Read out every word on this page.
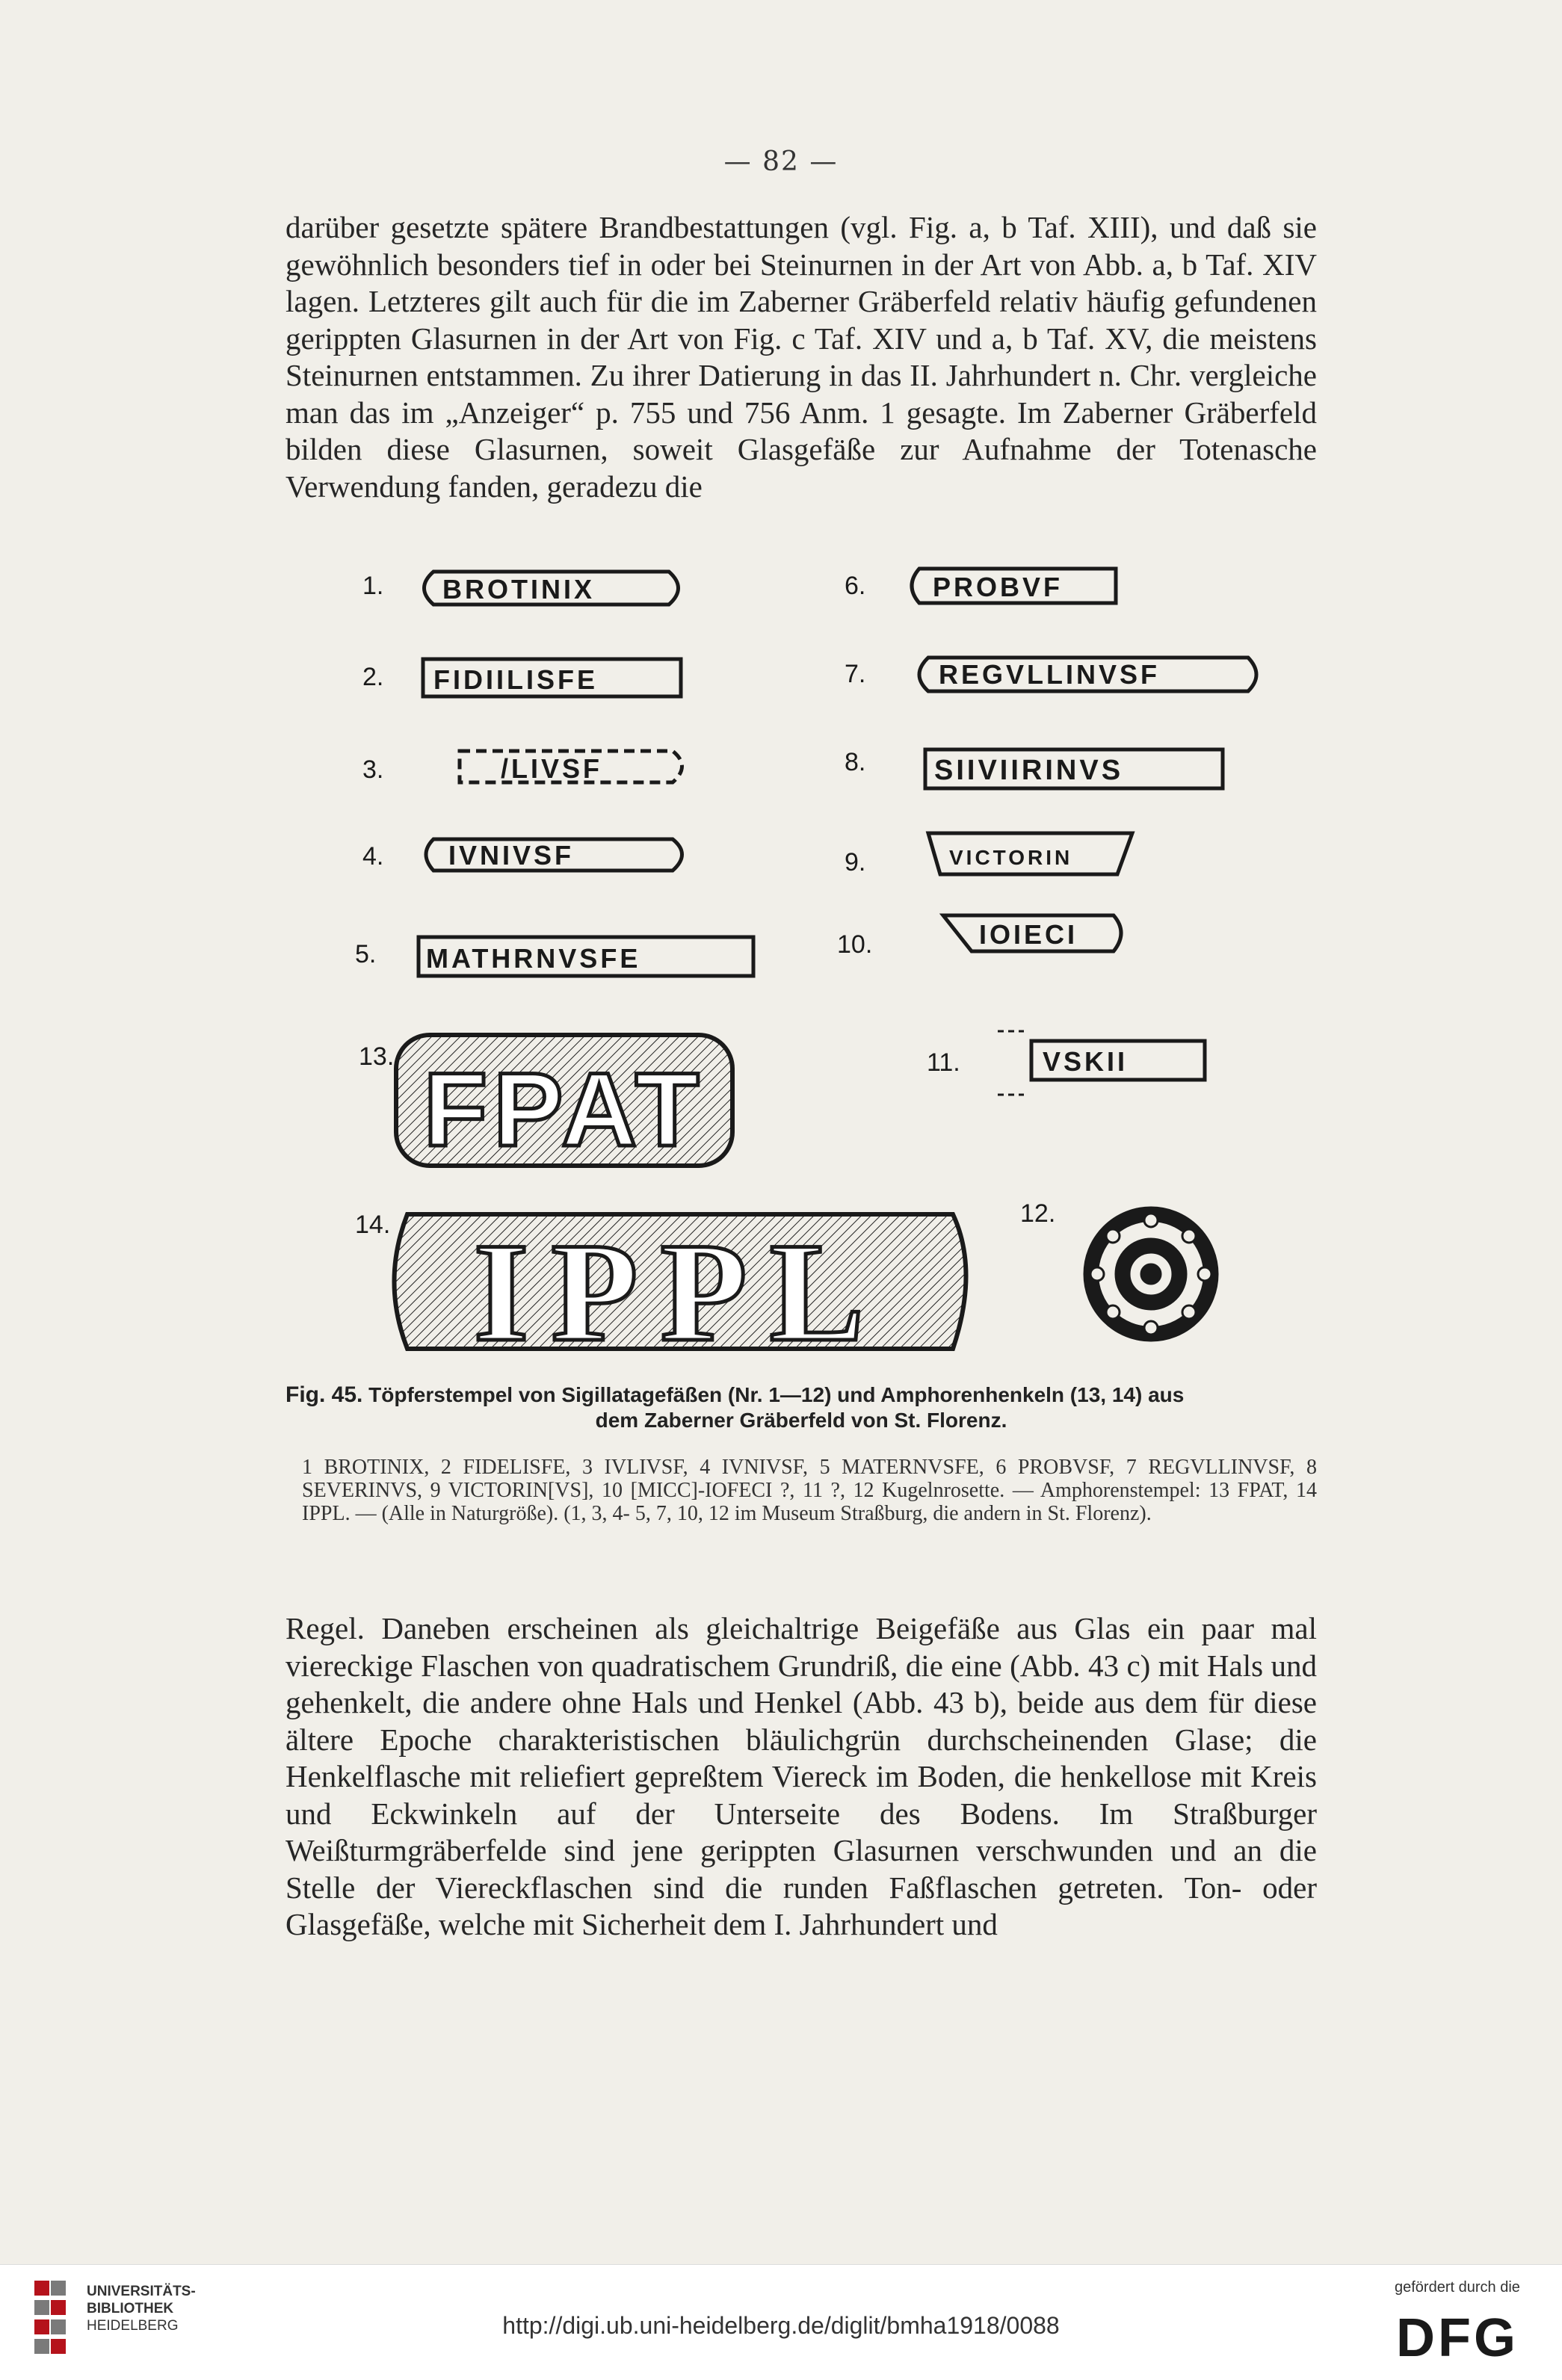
— 82 —

darüber gesetzte spätere Brandbestattungen (vgl. Fig. a, b Taf. XIII), und daß sie gewöhnlich besonders tief in oder bei Steinurnen in der Art von Abb. a, b Taf. XIV lagen. Letzteres gilt auch für die im Zaberner Gräberfeld relativ häufig gefundenen gerippten Glasurnen in der Art von Fig. c Taf. XIV und a, b Taf. XV, die meistens Steinurnen entstammen. Zu ihrer Datierung in das II. Jahrhundert n. Chr. vergleiche man das im „Anzeiger“ p. 755 und 756 Anm. 1 gesagte. Im Zaberner Gräberfeld bilden diese Glasurnen, soweit Glasgefäße zur Aufnahme der Totenasche Verwendung fanden, geradezu die

1.
2.
3.
4.
5.
6.
7.
8.
9.
10.
11.
12.
13.
14.
BROTINIX
FIDIILISFE
/LIVSF
IVNIVSF
MATHRNVSFE
PROBVF
REGVLLINVSF
SIIVIIRINVS
VICTORIN
IOIECI
VSKII
FPAT
IPPL
Fig. 45. Töpferstempel von Sigillatagefäßen (Nr. 1—12) und Amphorenhenkeln (13, 14) aus
dem Zaberner Gräberfeld von St. Florenz.
1 BROTINIX, 2 FIDELISFE, 3 IVLIVSF, 4 IVNIVSF, 5 MATERNVSFE, 6 PROBVSF, 7 REGVLLINVSF, 8 SEVERINVS, 9 VICTORIN[VS], 10 [MICC]-IOFECI ?, 11 ?, 12 Kugelnrosette. — Amphorenstempel: 13 FPAT, 14 IPPL. — (Alle in Naturgröße). (1, 3, 4- 5, 7, 10, 12 im Museum Straßburg, die andern in St. Florenz).

Regel. Daneben erscheinen als gleichaltrige Beigefäße aus Glas ein paar mal viereckige Flaschen von quadratischem Grundriß, die eine (Abb. 43 c) mit Hals und gehenkelt, die andere ohne Hals und Henkel (Abb. 43 b), beide aus dem für diese ältere Epoche charakteristischen bläulichgrün durchscheinenden Glase; die Henkelflasche mit reliefiert gepreßtem Viereck im Boden, die henkellose mit Kreis und Eckwinkeln auf der Unterseite des Bodens. Im Straßburger Weißturmgräberfelde sind jene gerippten Glasurnen verschwunden und an die Stelle der Viereckflaschen sind die runden Faßflaschen getreten. Ton- oder Glasgefäße, welche mit Sicherheit dem I. Jahrhundert und

UNIVERSITÄTS-
BIBLIOTHEK
HEIDELBERG	http://digi.ub.uni-heidelberg.de/diglit/bmha1918/0088
gefördert durch die
DFG
